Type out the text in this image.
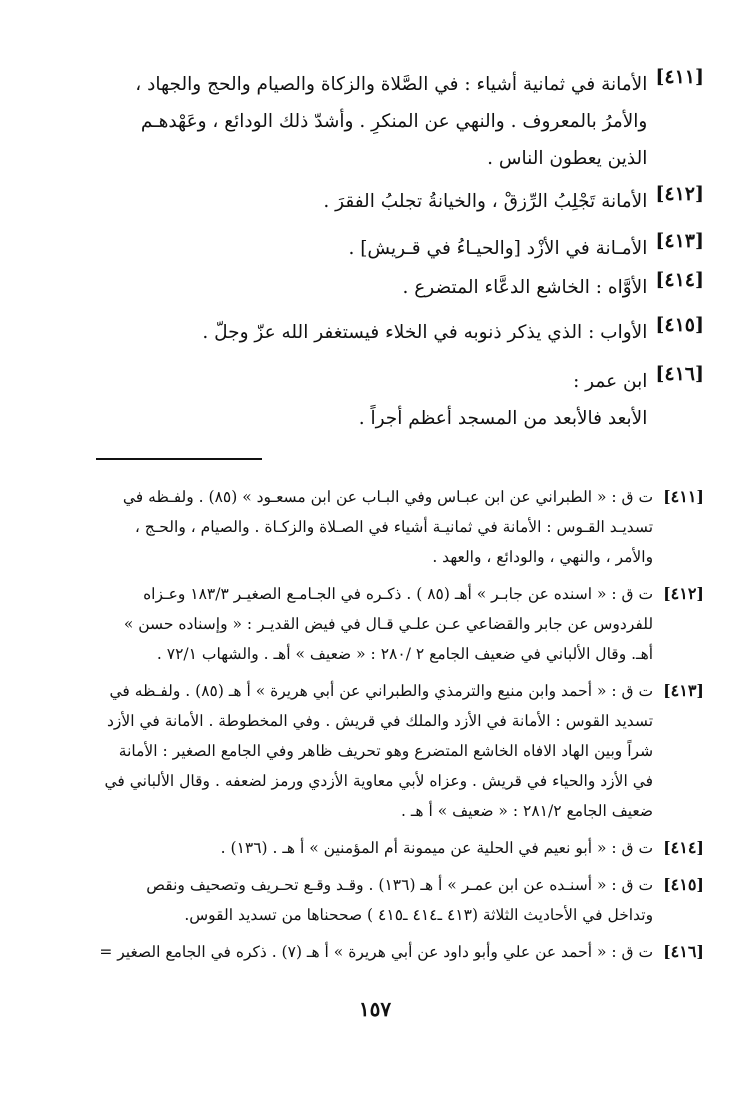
[٤١١]
الأمانة في ثمانية أشياء : في الصَّلاة والزكاة والصيام والحج والجهاد ،
والأمرُ بالمعروف . والنهي عن المنكرِ . وأشدّ ذلك الودائع ، وعَهْدهـم
الذين يعطون الناس .
[٤١٢]
الأمانة تَجْلِبُ الرِّزقْ ، والخيانةُ تجلبُ الفقرَ .
[٤١٣]
الأمـانة في الأزْد [والحيـاءُ في قـريش] .
[٤١٤]
الأوَّاه : الخاشع الدعَّاء المتضرع .
[٤١٥]
الأواب : الذي يذكر ذنوبه في الخلاء فيستغفر الله عزّ وجلّ .
[٤١٦]
ابن عمر :
الأبعد فالأبعد من المسجد أعظم أجراً .
[٤١١]
ت ق : « الطبراني عن ابن عبـاس وفي البـاب عن ابن مسعـود » (٨٥) . ولفـظه في
تسديـد القـوس : الأمانة في ثمانيـة أشياء في الصـلاة والزكـاة . والصيام ، والحـج ،
والأمر ، والنهي ، والودائع ، والعهد .
[٤١٢]
ت ق : « اسنده عن جابـر » أهـ (٨٥ ) . ذكـره في الجـامـع الصغيـر ١٨٣/٣ وعـزاه
للفردوس عن جابر والقضاعي عـن علـي قـال في فيض القديـر : « وإسناده حسن »
أهـ. وقال الألباني في ضعيف الجامع ٢ /٢٨٠ : « ضعيف » أهـ . والشهاب ٧٢/١ .
[٤١٣]
ت ق : « أحمد وابن منيع والترمذي والطبراني عن أبي هريرة » أ هـ (٨٥) . ولفـظه في
تسديد القوس : الأمانة في الأزد والملك في قريش . وفي المخطوطة . الأمانة في الأزد
شراً وبين الهاد الافاه الخاشع المتضرع وهو تحريف ظاهر وفي الجامع الصغير : الأمانة
في الأزد والحياء في قريش . وعزاه لأبي معاوية الأزدي ورمز لضعفه . وقال الألباني في
ضعيف الجامع ٢٨١/٢ : « ضعيف » أ هـ .
[٤١٤]
ت ق : « أبو نعيم في الحلية عن ميمونة أم المؤمنين » أ هـ . (١٣٦) .
[٤١٥]
ت ق : « أسنـده عن ابن عمـر » أ هـ (١٣٦) . وقـد وقـع تحـريف وتصحيف ونقص
وتداخل في الأحاديث الثلاثة (٤١٣ ـ٤١٤ ـ٤١٥ ) صححناها من تسديد القوس.
[٤١٦]
ت ق : « أحمد عن علي وأبو داود عن أبي هريرة » أ هـ (٧) . ذكره في الجامع الصغير =
١٥٧
